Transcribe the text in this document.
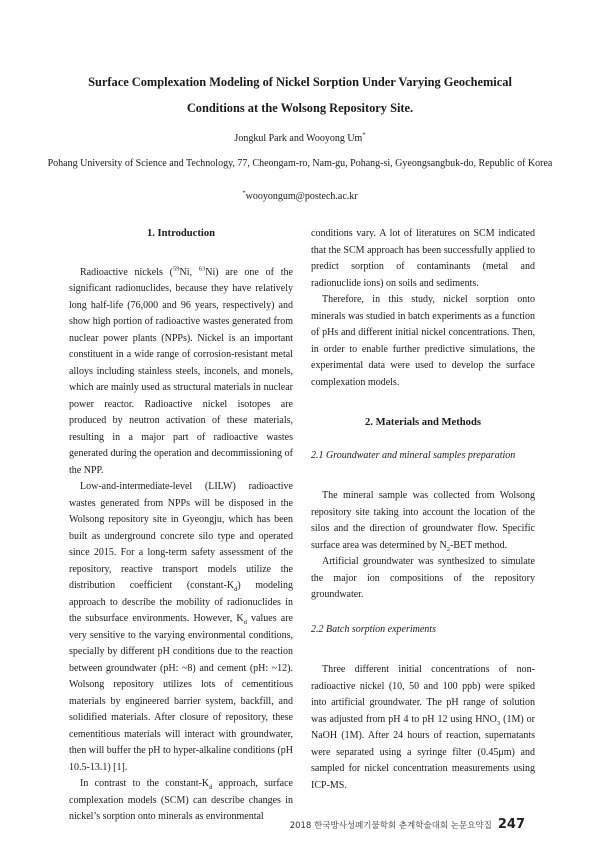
Surface Complexation Modeling of Nickel Sorption Under Varying Geochemical Conditions at the Wolsong Repository Site.
Jongkul Park and Wooyong Um*
Pohang University of Science and Technology, 77, Cheongam-ro, Nam-gu, Pohang-si, Gyeongsangbuk-do, Republic of Korea
*wooyongum@postech.ac.kr
1. Introduction

Radioactive nickels ($^{59}$Ni, $^{63}$Ni) are one of the significant radionuclides, because they have relatively long half-life (76,000 and 96 years, respectively) and show high portion of radioactive wastes generated from nuclear power plants (NPPs). Nickel is an important constituent in a wide range of corrosion-resistant metal alloys including stainless steels, inconels, and monels, which are mainly used as structural materials in nuclear power reactor. Radioactive nickel isotopes are produced by neutron activation of these materials, resulting in a major part of radioactive wastes generated during the operation and decommissioning of the NPP.

Low-and-intermediate-level (LILW) radioactive wastes generated from NPPs will be disposed in the Wolsong repository site in Gyeongju, which has been built as underground concrete silo type and operated since 2015. For a long-term safety assessment of the repository, reactive transport models utilize the distribution coefficient $(constant-K_d)$ modeling approach to describe the mobility of radionuclides in the subsurface environments. However, $K_d$ values are very sensitive to the varying environmental conditions, specially by different pH conditions due to the reaction between groundwater (pH: ~8) and cement (pH: ~12). Wolsong repository utilizes lots of cementitious materials by engineered barrier system, backfill, and solidified materials. After closure of repository, these cementitious materials will interact with groundwater, then will buffer the pH to hyper-alkaline conditions (pH 10.5-13.1) [1].

In contrast to the constant-$K_d$ approach, surface complexation models (SCM) can describe changes in nickel’s sorption onto minerals as environmental

conditions vary. A lot of literatures on SCM indicated that the SCM approach has been successfully applied to predict sorption of contaminants (metal and radionuclide ions) on soils and sediments.

Therefore, in this study, nickel sorption onto minerals was studied in batch experiments as a function of pHs and different initial nickel concentrations. Then, in order to enable further predictive simulations, the experimental data were used to develop the surface complexation models.

2. Materials and Methods
2.1 Groundwater and mineral samples preparation

The mineral sample was collected from Wolsong repository site taking into account the location of the silos and the direction of groundwater flow. Specific surface area was determined by $N_2$-BET method.

Artificial groundwater was synthesized to simulate the major ion compositions of the repository groundwater.

2.2 Batch sorption experiments

Three different initial concentrations of non-radioactive nickel (10, 50 and 100 ppb) were spiked into artificial groundwater. The pH range of solution was adjusted from pH 4 to pH 12 using $HNO_3$ (1M) or NaOH (1M). After 24 hours of reaction, supernatants were separated using a syringe filter (0.45μm) and sampled for nickel concentration measurements using ICP-MS.

2018 한국방사성폐기물학회 춘계학술대회 논문요약집 247
